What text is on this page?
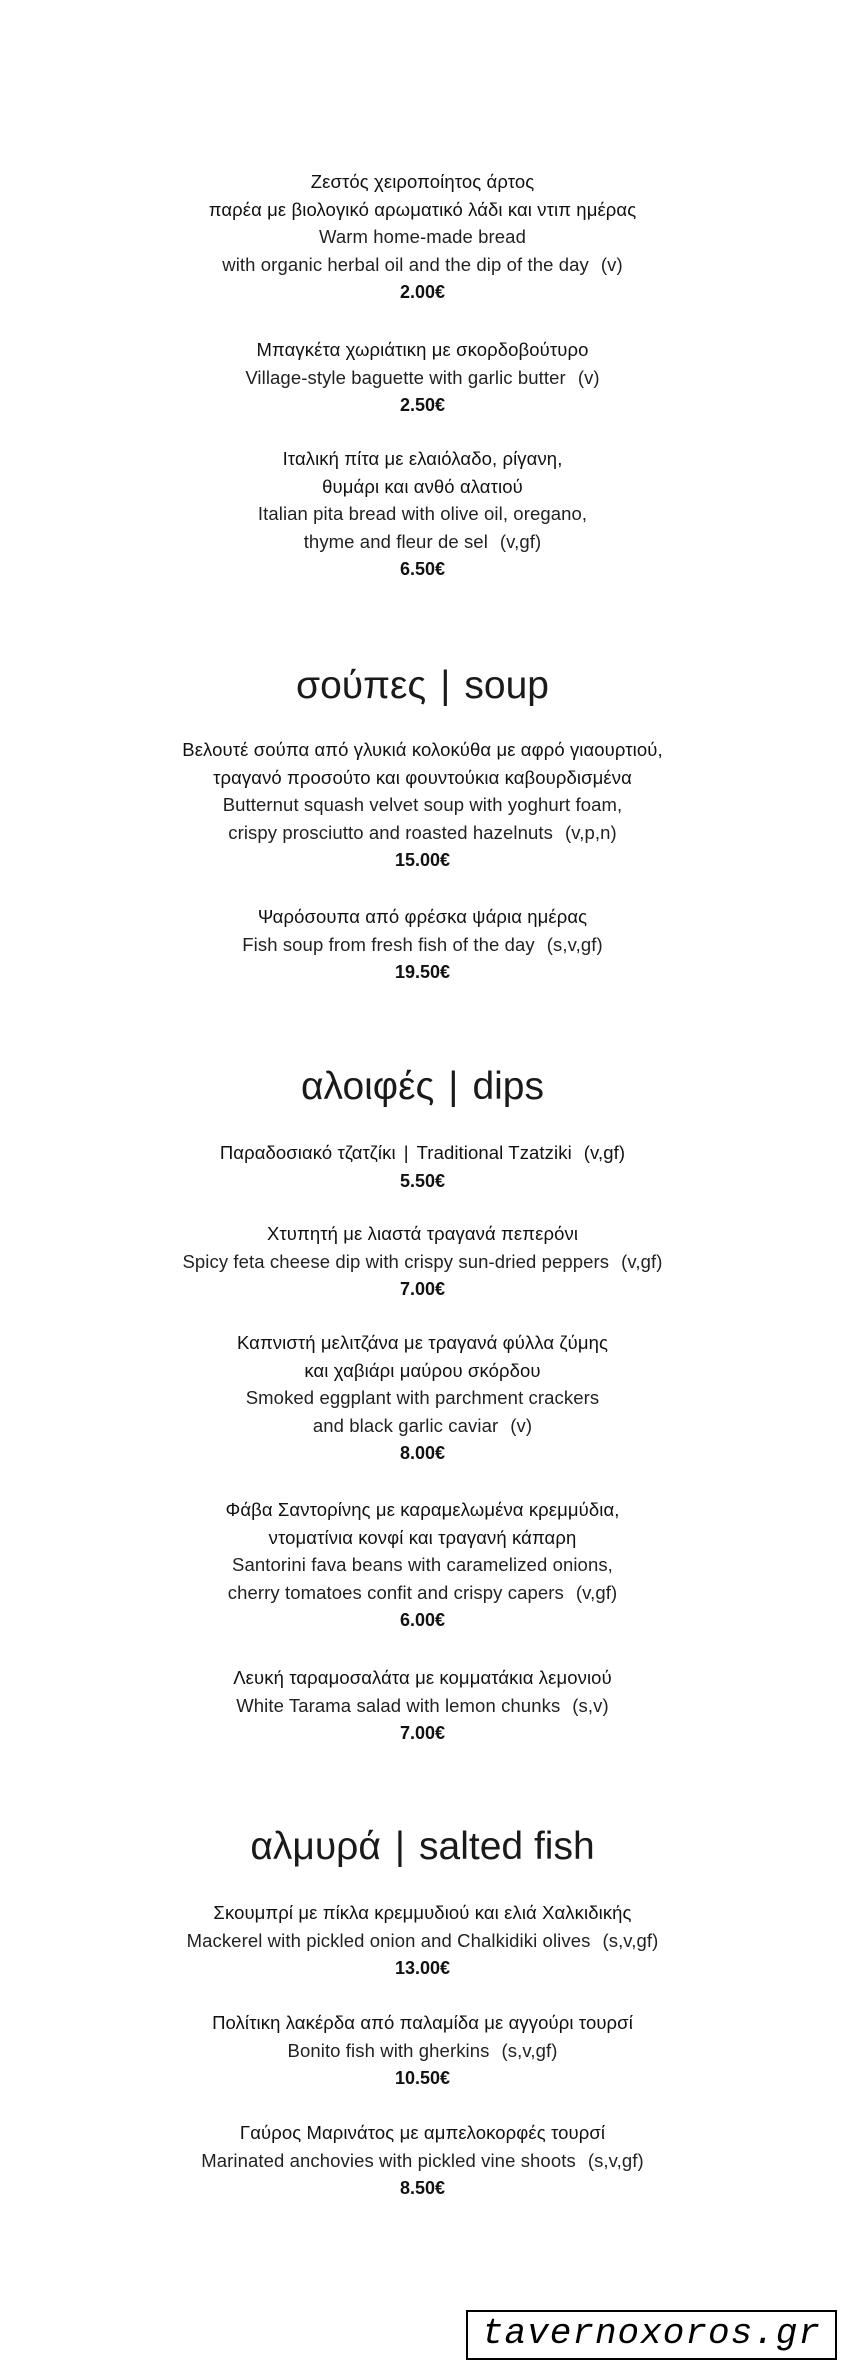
Ζεστός χειροποίητος άρτος
παρέα με βιολογικό αρωματικό λάδι και ντιπ ημέρας
Warm home-made bread
with organic herbal oil and the dip of the day (v)
2.00€
Μπαγκέτα χωριάτικη με σκορδοβούτυρο
Village-style baguette with garlic butter (v)
2.50€
Ιταλική πίτα με ελαιόλαδο, ρίγανη,
θυμάρι και ανθό αλατιού
Italian pita bread with olive oil, oregano,
thyme and fleur de sel (v,gf)
6.50€
σούπες | soup
Βελουτέ σούπα από γλυκιά κολοκύθα με αφρό γιαουρτιού,
τραγανό προσούτο και φουντούκια καβουρδισμένα
Butternut squash velvet soup with yoghurt foam,
crispy prosciutto and roasted hazelnuts (v,p,n)
15.00€
Ψαρόσουπα από φρέσκα ψάρια ημέρας
Fish soup from fresh fish of the day (s,v,gf)
19.50€
αλοιφές | dips
Παραδοσιακό τζατζίκι | Traditional Tzatziki (v,gf)
5.50€
Χτυπητή με λιαστά τραγανά πεπερόνι
Spicy feta cheese dip with crispy sun-dried peppers (v,gf)
7.00€
Καπνιστή μελιτζάνα με τραγανά φύλλα ζύμης
και χαβιάρι μαύρου σκόρδου
Smoked eggplant with parchment crackers
and black garlic caviar (v)
8.00€
Φάβα Σαντορίνης με καραμελωμένα κρεμμύδια,
ντοματίνια κονφί και τραγανή κάπαρη
Santorini fava beans with caramelized onions,
cherry tomatoes confit and crispy capers (v,gf)
6.00€
Λευκή ταραμοσαλάτα με κομματάκια λεμονιού
White Tarama salad with lemon chunks (s,v)
7.00€
αλμυρά | salted fish
Σκουμπρί με πίκλα κρεμμυδιού και ελιά Χαλκιδικής
Mackerel with pickled onion and Chalkidiki olives (s,v,gf)
13.00€
Πολίτικη λακέρδα από παλαμίδα με αγγούρι τουρσί
Bonito fish with gherkins (s,v,gf)
10.50€
Γαύρος Μαρινάτος με αμπελοκορφές τουρσί
Marinated anchovies with pickled vine shoots (s,v,gf)
8.50€
tavernoxoros.gr
